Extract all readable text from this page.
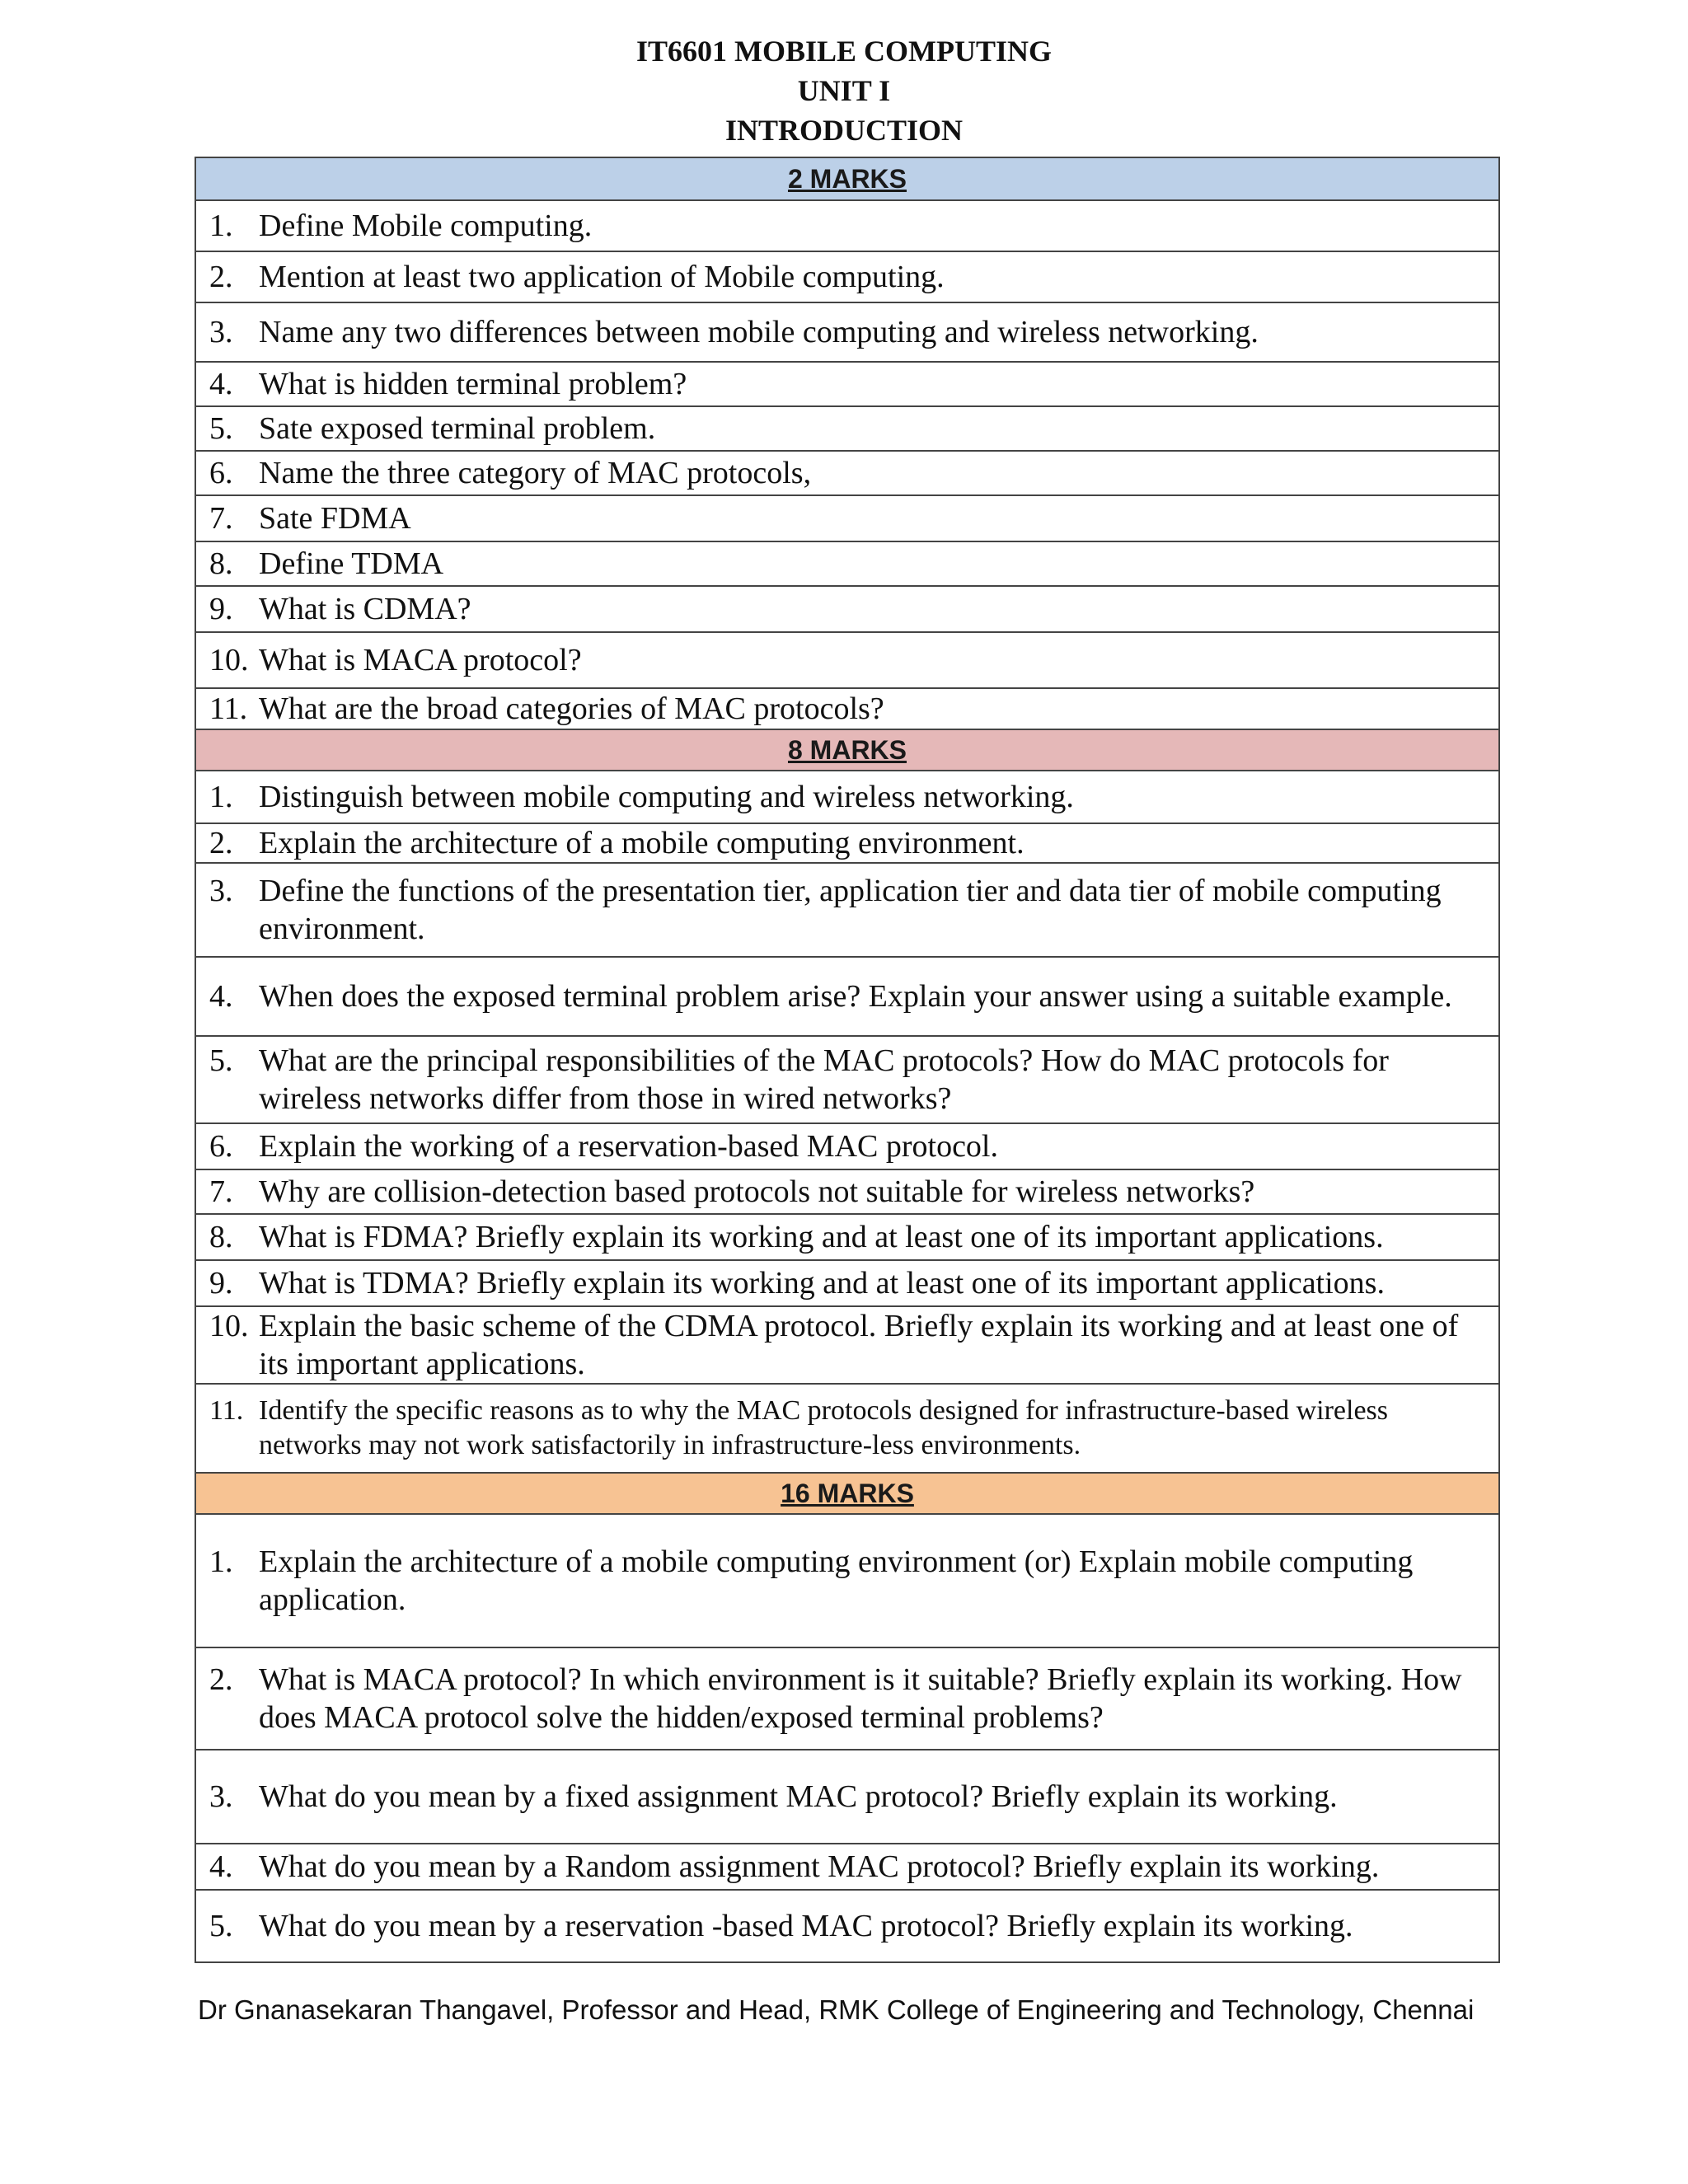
IT6601 MOBILE COMPUTING
UNIT I
INTRODUCTION
2 MARKS

1. Define Mobile computing.

2. Mention at least two application of Mobile computing.

3. Name any two differences between mobile computing and wireless networking.

4. What is hidden terminal problem?

5. Sate exposed terminal problem.

6. Name the three category of MAC protocols,

7. Sate FDMA

8. Define TDMA

9. What is CDMA?

10. What is MACA protocol?

11. What are the broad categories of MAC protocols?

8 MARKS

1. Distinguish between mobile computing and wireless networking.

2. Explain the architecture of a mobile computing environment.

3. Define the functions of the presentation tier, application tier and data tier of mobile computing environment.

4. When does the exposed terminal problem arise? Explain your answer using a suitable example.

5. What are the principal responsibilities of the MAC protocols? How do MAC protocols for wireless networks differ from those in wired networks?

6. Explain the working of a reservation-based MAC protocol.

7. Why are collision-detection based protocols not suitable for wireless networks?

8. What is FDMA? Briefly explain its working and at least one of its important applications.

9. What is TDMA? Briefly explain its working and at least one of its important applications.

10. Explain the basic scheme of the CDMA protocol. Briefly explain its working and at least one of its important applications.

11. Identify the specific reasons as to why the MAC protocols designed for infrastructure-based wireless networks may not work satisfactorily in infrastructure-less environments.

16 MARKS

1. Explain the architecture of a mobile computing environment (or) Explain mobile computing application.

2. What is MACA protocol? In which environment is it suitable? Briefly explain its working. How does MACA protocol solve the hidden/exposed terminal problems?

3. What do you mean by a fixed assignment MAC protocol? Briefly explain its working.

4. What do you mean by a Random assignment MAC protocol? Briefly explain its working.

5. What do you mean by a reservation -based MAC protocol? Briefly explain its working.
Dr Gnanasekaran Thangavel, Professor and Head, RMK College of Engineering and Technology, Chennai
